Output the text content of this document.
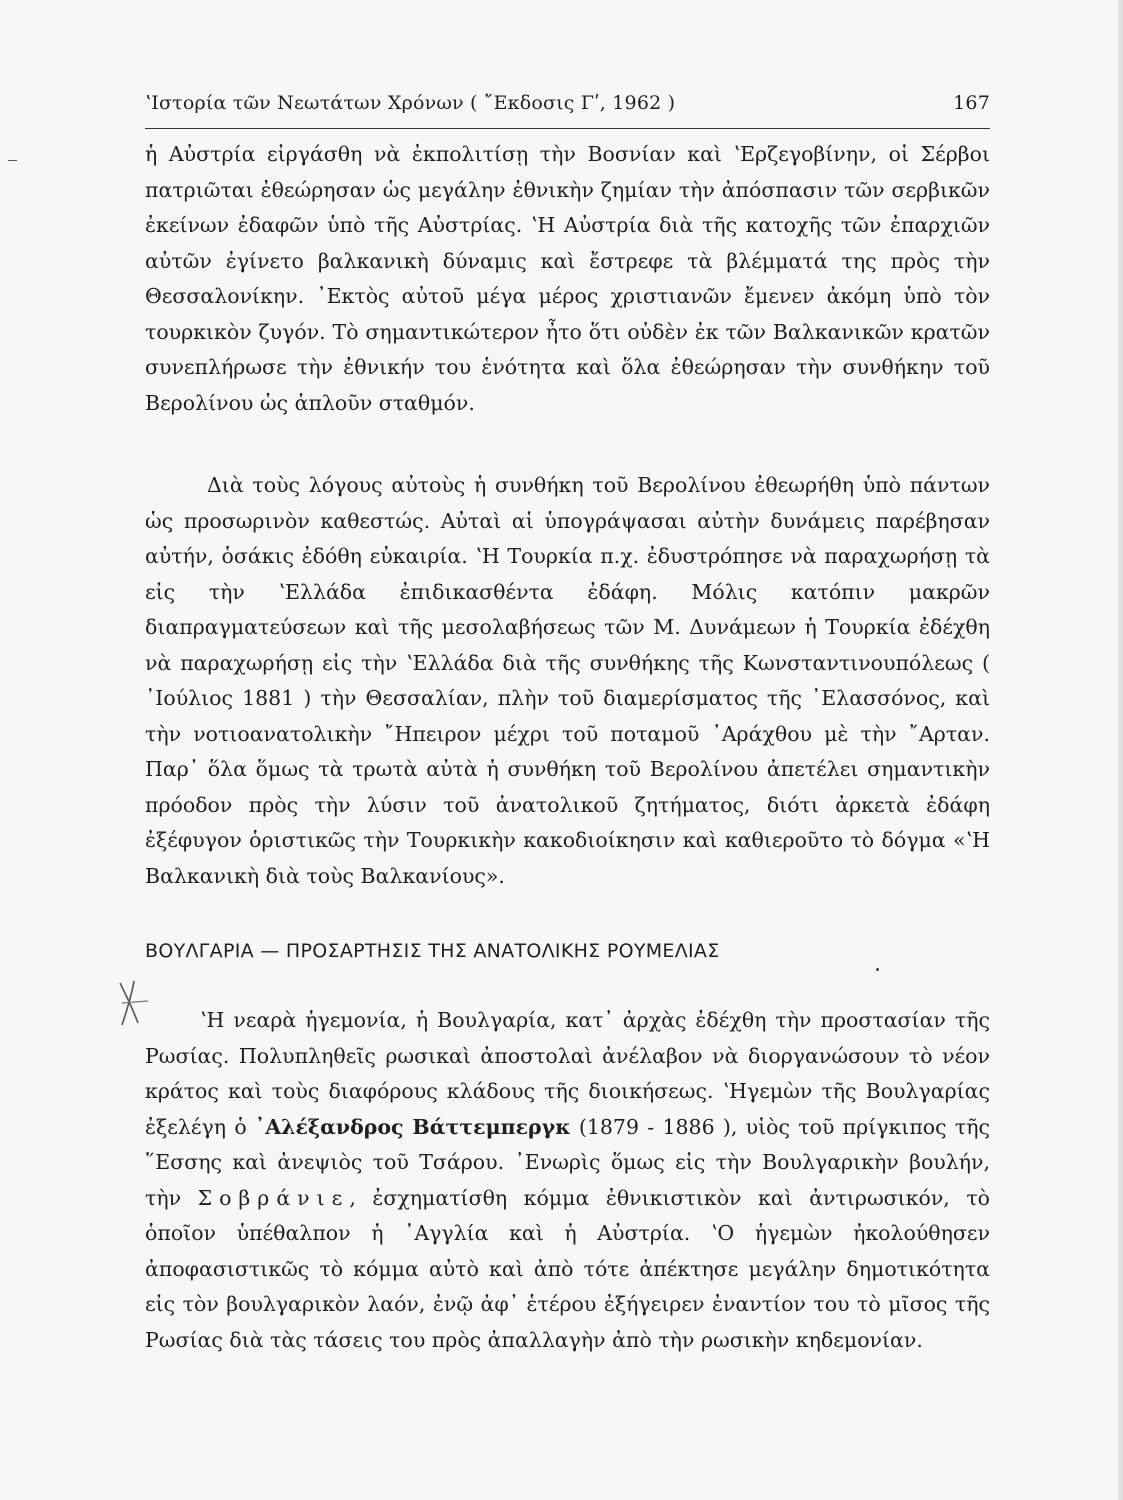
ʽΙστορία τῶν Νεωτάτων Χρόνων ( ῎Εκδοσις Γʹ, 1962 )	167

ἡ Αὐστρία εἰργάσθη νὰ ἐκπολιτίσῃ τὴν Βοσνίαν καὶ ʽΕρζεγοβίνην, οἱ Σέρβοι πατριῶται ἐθεώρησαν ὡς μεγάλην ἐθνικὴν ζημίαν τὴν ἀπόσπασιν τῶν σερβικῶν ἐκείνων ἐδαφῶν ὑπὸ τῆς Αὐστρίας. ʽΗ Αὐστρία διὰ τῆς κατοχῆς τῶν ἐπαρχιῶν αὐτῶν ἐγίνετο βαλκανικὴ δύναμις καὶ ἔστρεφε τὰ βλέμματά της πρὸς τὴν Θεσσαλονίκην. ᾿Εκτὸς αὐτοῦ μέγα μέρος χριστιανῶν ἔμενεν ἀκόμη ὑπὸ τὸν τουρκικὸν ζυγόν. Τὸ σημαντικώτερον ἦτο ὅτι οὐδὲν ἐκ τῶν Βαλκανικῶν κρατῶν συνεπλήρωσε τὴν ἐθνικήν του ἑνότητα καὶ ὅλα ἐθεώρησαν τὴν συνθήκην τοῦ Βερολίνου ὡς ἁπλοῦν σταθμόν.

Διὰ τοὺς λόγους αὐτοὺς ἡ συνθήκη τοῦ Βερολίνου ἐθεωρήθη ὑπὸ πάντων ὡς προσωρινὸν καθεστώς. Αὐταὶ αἱ ὑπογράψασαι αὐτὴν δυνάμεις παρέβησαν αὐτήν, ὁσάκις ἐδόθη εὐκαιρία. ʽΗ Τουρκία π.χ. ἐδυστρόπησε νὰ παραχωρήσῃ τὰ εἰς τὴν ʽΕλλάδα ἐπιδικασθέντα ἐδάφη. Μόλις κατόπιν μακρῶν διαπραγματεύσεων καὶ τῆς μεσολαβήσεως τῶν Μ. Δυνάμεων ἡ Τουρκία ἐδέχθη νὰ παραχωρήσῃ εἰς τὴν ʽΕλλάδα διὰ τῆς συνθήκης τῆς Κωνσταντινουπόλεως ( ᾿Ιούλιος 1881 ) τὴν Θεσσαλίαν, πλὴν τοῦ διαμερίσματος τῆς ᾿Ελασσόνος, καὶ τὴν νοτιοανατολικὴν ῎Ηπειρον μέχρι τοῦ ποταμοῦ ᾿Αράχθου μὲ τὴν ῎Αρταν. Παρ᾿ ὅλα ὅμως τὰ τρωτὰ αὐτὰ ἡ συνθήκη τοῦ Βερολίνου ἀπετέλει σημαντικὴν πρόοδον πρὸς τὴν λύσιν τοῦ ἀνατολικοῦ ζητήματος, διότι ἀρκετὰ ἐδάφη ἐξέφυγον ὁριστικῶς τὴν Τουρκικὴν κακοδιοίκησιν καὶ καθιεροῦτο τὸ δόγμα «ʽΗ Βαλκανικὴ διὰ τοὺς Βαλκανίους».

ΒΟΥΛΓΑΡΙΑ — ΠΡΟΣΑΡΤΗΣΙΣ ΤΗΣ ΑΝΑΤΟΛΙΚΗΣ ΡΟΥΜΕΛΙΑΣ

ʽΗ νεαρὰ ἡγεμονία, ἡ Βουλγαρία, κατ᾿ ἀρχὰς ἐδέχθη τὴν προστασίαν τῆς Ρωσίας. Πολυπληθεῖς ρωσικαὶ ἀποστολαὶ ἀνέλαβον νὰ διοργανώσουν τὸ νέον κράτος καὶ τοὺς διαφόρους κλάδους τῆς διοικήσεως. ʽΗγεμὼν τῆς Βουλγαρίας ἐξελέγη ὁ ᾿Αλέξανδρος Βάττεμπεργκ (1879 - 1886 ), υἱὸς τοῦ πρίγκιπος τῆς ῞Εσσης καὶ ἀνεψιὸς τοῦ Τσάρου. ᾿Ενωρὶς ὅμως εἰς τὴν Βουλγαρικὴν βουλήν, τὴν Σοβράνιε, ἐσχηματίσθη κόμμα ἐθνικιστικὸν καὶ ἀντιρωσικόν, τὸ ὁποῖον ὑπέθαλπον ἡ ᾿Αγγλία καὶ ἡ Αὐστρία. ʽΟ ἡγεμὼν ἠκολούθησεν ἀποφασιστικῶς τὸ κόμμα αὐτὸ καὶ ἀπὸ τότε ἀπέκτησε μεγάλην δημοτικότητα εἰς τὸν βουλγαρικὸν λαόν, ἐνῷ ἀφ᾿ ἑτέρου ἐξήγειρεν ἐναντίον του τὸ μῖσος τῆς Ρωσίας διὰ τὰς τάσεις του πρὸς ἀπαλλαγὴν ἀπὸ τὴν ρωσικὴν κηδεμονίαν.
